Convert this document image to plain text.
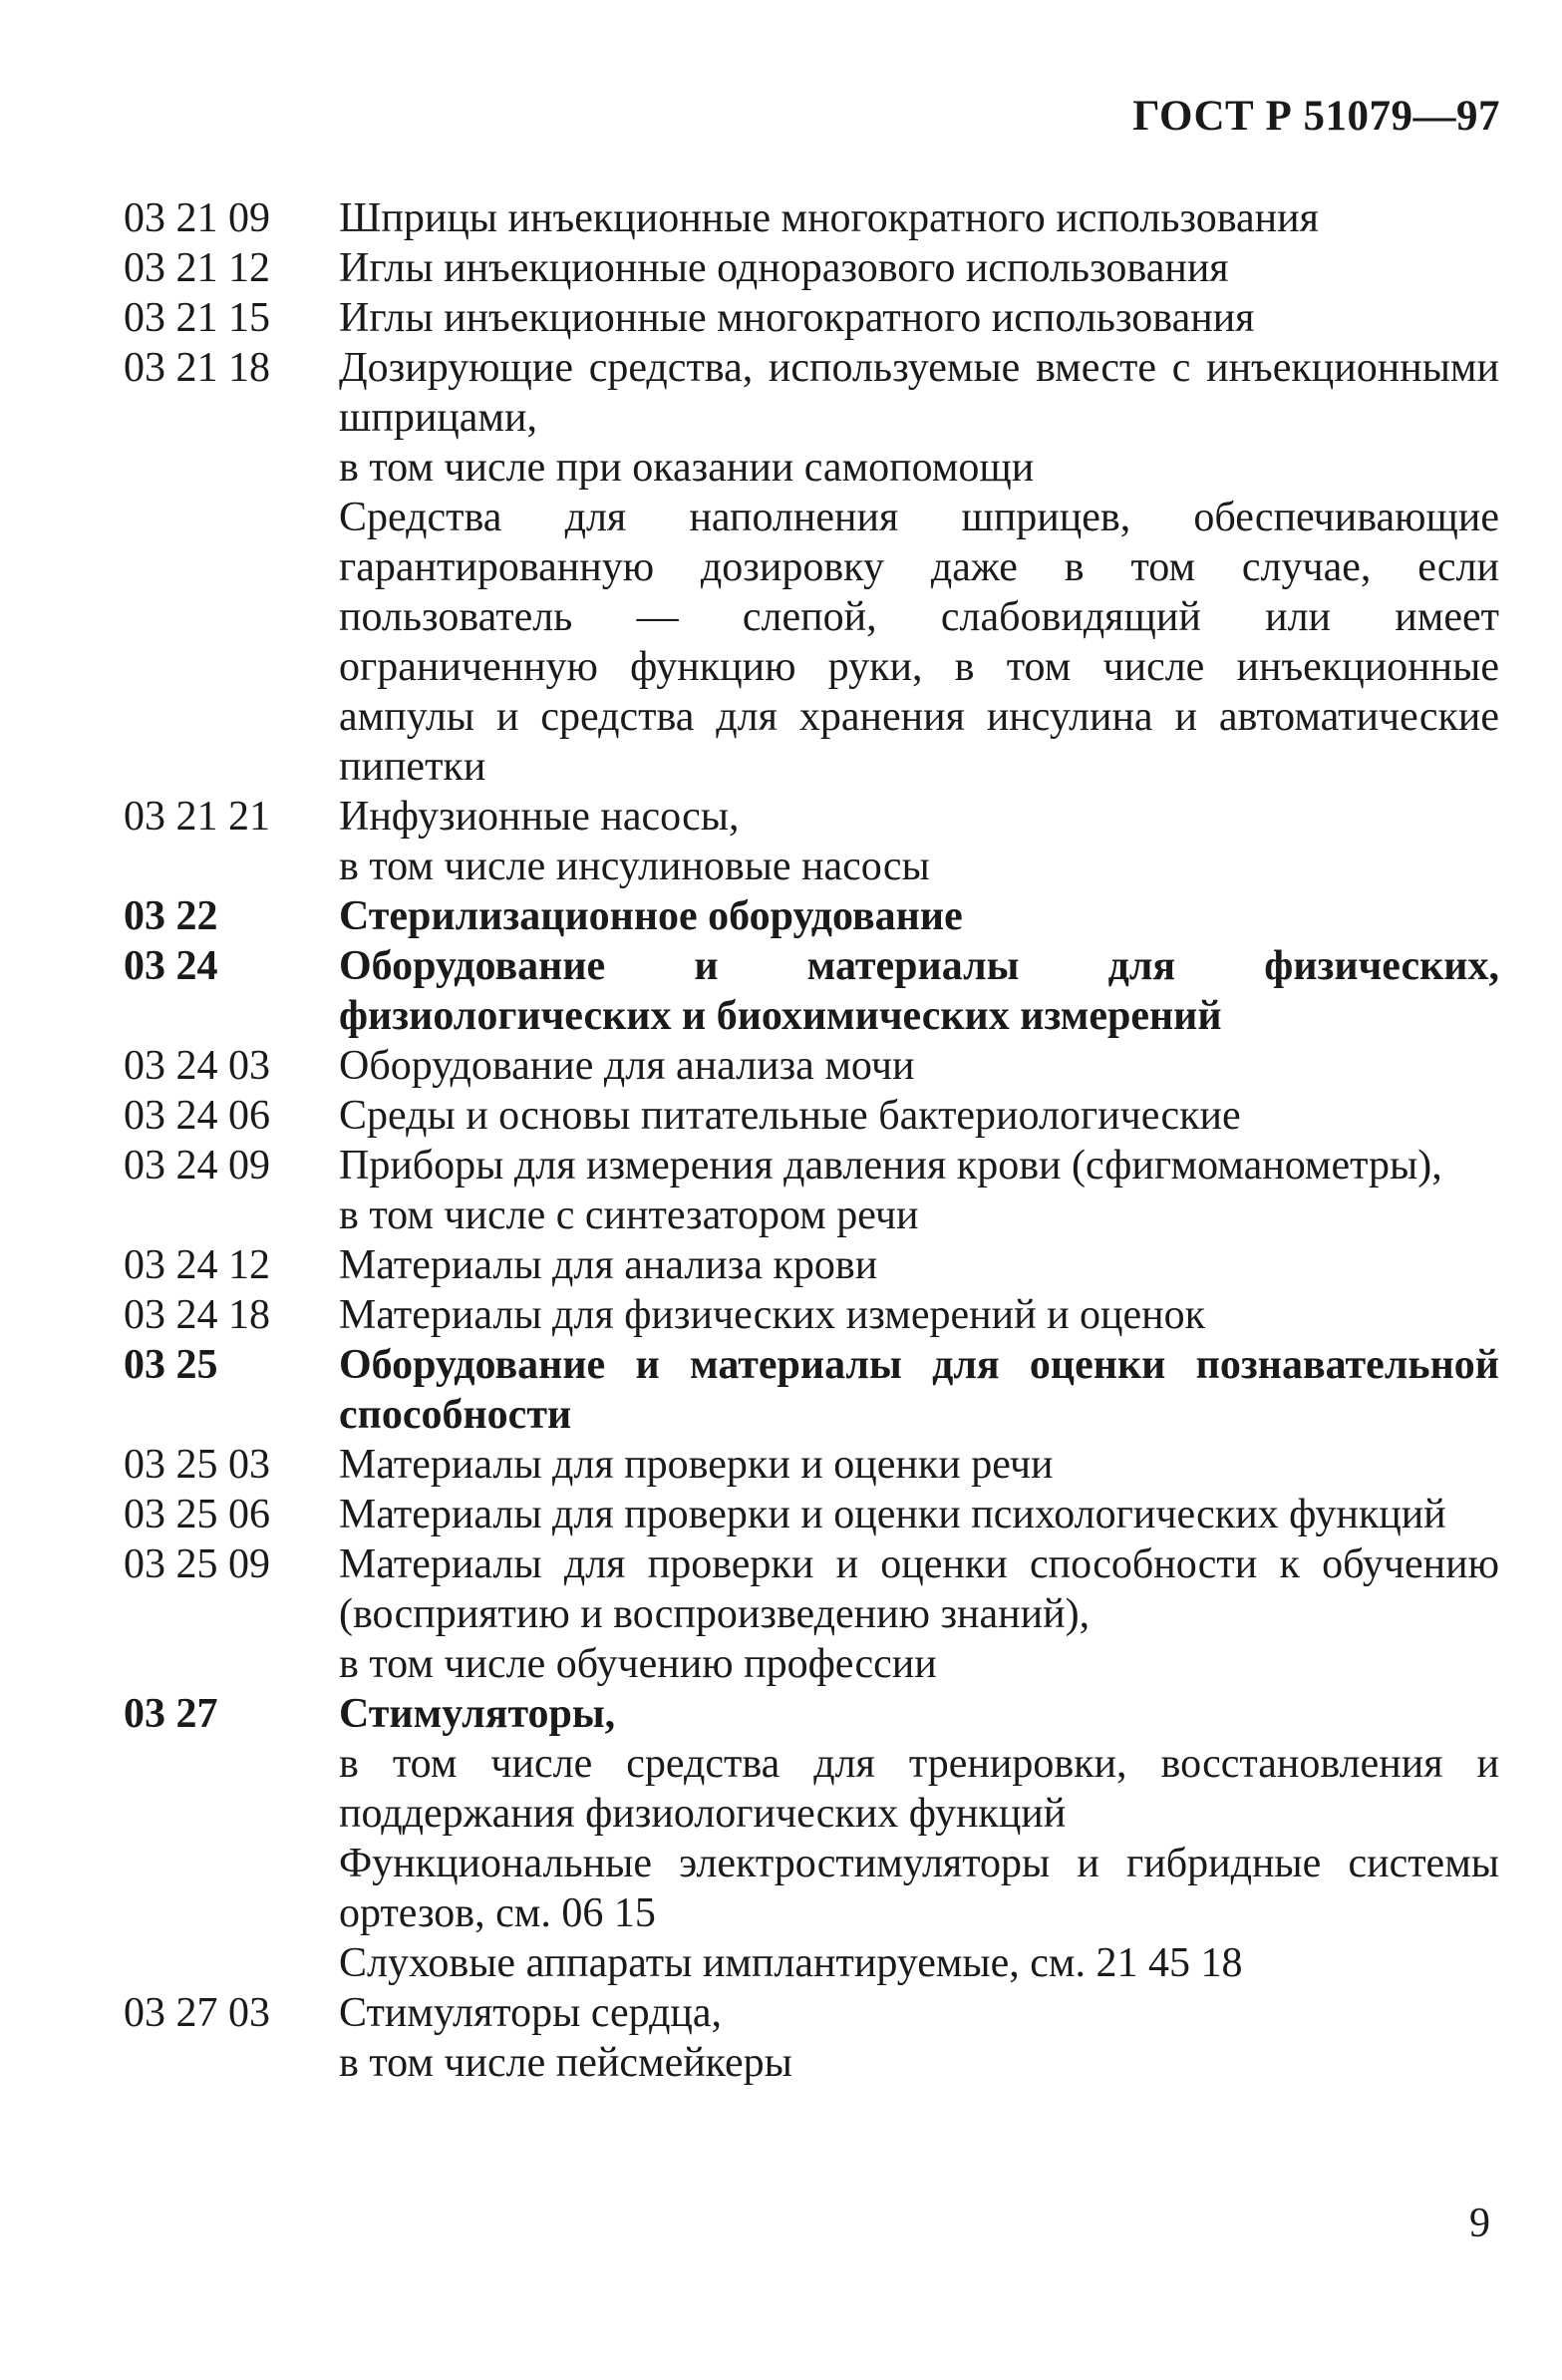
ГОСТ Р 51079—97
03 21 09	Шприцы инъекционные многократного использования
03 21 12	Иглы инъекционные одноразового использования
03 21 15	Иглы инъекционные многократного использования
03 21 18	Дозирующие средства, используемые вместе с инъекционными шприцами,
в том числе при оказании самопомощи
Средства для наполнения шприцев, обеспечивающие гарантированную дозировку даже в том случае, если пользователь — слепой, слабовидящий или имеет ограниченную функцию руки, в том числе инъекционные ампулы и средства для хранения инсулина и автоматические пипетки
03 21 21	Инфузионные насосы,
в том числе инсулиновые насосы
03 22	Стерилизационное оборудование
03 24	Оборудование и материалы для физических, физиологических и биохимических измерений
03 24 03	Оборудование для анализа мочи
03 24 06	Среды и основы питательные бактериологические
03 24 09	Приборы для измерения давления крови (сфигмоманометры),
в том числе с синтезатором речи
03 24 12	Материалы для анализа крови
03 24 18	Материалы для физических измерений и оценок
03 25	Оборудование и материалы для оценки познавательной способности
03 25 03	Материалы для проверки и оценки речи
03 25 06	Материалы для проверки и оценки психологических функций
03 25 09	Материалы для проверки и оценки способности к обучению (восприятию и воспроизведению знаний),
в том числе обучению профессии
03 27	Стимуляторы,
в том числе средства для тренировки, восстановления и поддержания физиологических функций
Функциональные электростимуляторы и гибридные системы ортезов, см. 06 15
Слуховые аппараты имплантируемые, см. 21 45 18
03 27 03	Стимуляторы сердца,
в том числе пейсмейкеры
9
